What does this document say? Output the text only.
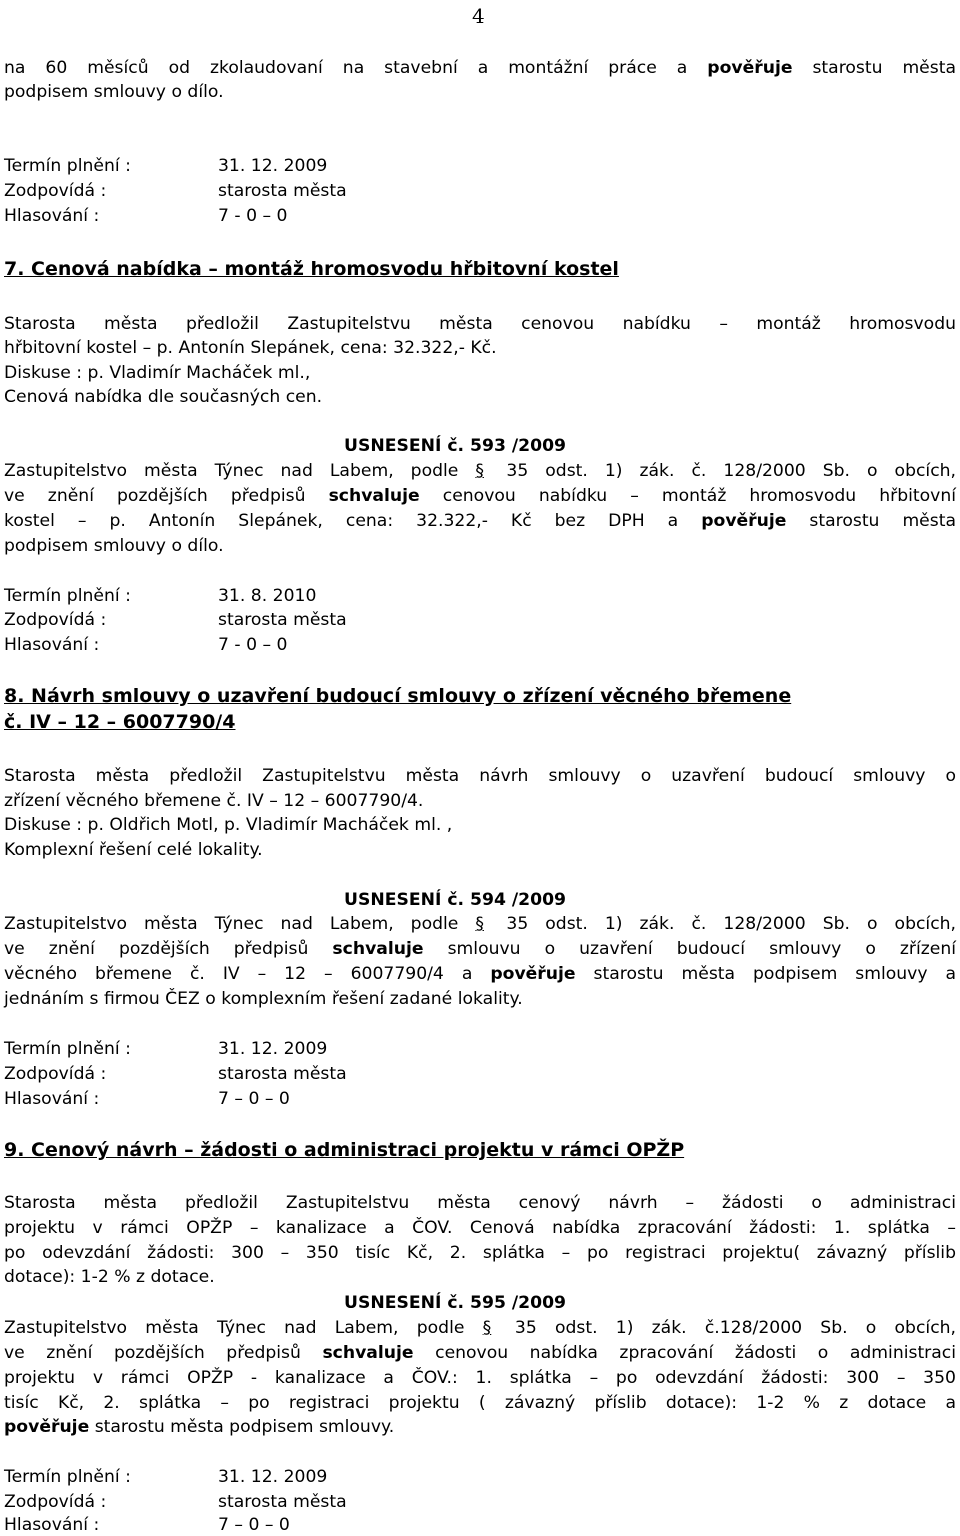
4
na 60 měsíců od zkolaudovaní na stavební a montážní práce a pověřuje starostu města
podpisem smlouvy o dílo.
Termín plnění :	31. 12. 2009
Zodpovídá :	starosta města
Hlasování :	7 - 0 – 0
7. Cenová nabídka – montáž hromosvodu hřbitovní kostel
Starosta města předložil Zastupitelstvu města cenovou nabídku – montáž hromosvodu
hřbitovní kostel – p. Antonín Slepánek, cena: 32.322,- Kč.
Diskuse : p. Vladimír Macháček ml.,
Cenová nabídka dle současných cen.
USNESENÍ č. 593 /2009
Zastupitelstvo města Týnec nad Labem, podle § 35 odst. 1) zák. č. 128/2000 Sb. o obcích,
ve znění pozdějších předpisů schvaluje cenovou nabídku – montáž hromosvodu hřbitovní
kostel – p. Antonín Slepánek, cena: 32.322,- Kč bez DPH a pověřuje starostu města
podpisem smlouvy o dílo.
Termín plnění :	31. 8. 2010
Zodpovídá :	starosta města
Hlasování :	7 - 0 – 0
8. Návrh smlouvy o uzavření budoucí smlouvy o zřízení věcného břemene
č. IV – 12 – 6007790/4
Starosta města předložil Zastupitelstvu města návrh smlouvy o uzavření budoucí smlouvy o
zřízení věcného břemene č. IV – 12 – 6007790/4.
Diskuse : p. Oldřich Motl, p. Vladimír Macháček ml. ,
Komplexní řešení celé lokality.
USNESENÍ č. 594 /2009
Zastupitelstvo města Týnec nad Labem, podle § 35 odst. 1) zák. č. 128/2000 Sb. o obcích,
ve znění pozdějších předpisů schvaluje smlouvu o uzavření budoucí smlouvy o zřízení
věcného břemene č. IV – 12 – 6007790/4 a pověřuje starostu města podpisem smlouvy a
jednáním s firmou ČEZ o komplexním řešení zadané lokality.
Termín plnění :	31. 12. 2009
Zodpovídá :	starosta města
Hlasování :	7 – 0 – 0
9. Cenový návrh – žádosti o administraci projektu v rámci OPŽP
Starosta města předložil Zastupitelstvu města cenový návrh – žádosti o administraci
projektu v rámci OPŽP – kanalizace a ČOV. Cenová nabídka zpracování žádosti: 1. splátka –
po odevzdání žádosti: 300 – 350 tisíc Kč, 2. splátka – po registraci projektu( závazný příslib
dotace): 1-2 % z dotace.
USNESENÍ č. 595 /2009
Zastupitelstvo města Týnec nad Labem, podle § 35 odst. 1) zák. č.128/2000 Sb. o obcích,
ve znění pozdějších předpisů schvaluje cenovou nabídka zpracování žádosti o administraci
projektu v rámci OPŽP - kanalizace a ČOV.: 1. splátka – po odevzdání žádosti: 300 – 350
tisíc Kč, 2. splátka – po registraci projektu ( závazný příslib dotace): 1-2 % z dotace a
pověřuje starostu města podpisem smlouvy.
Termín plnění :	31. 12. 2009
Zodpovídá :	starosta města
Hlasování :	7 – 0 – 0
